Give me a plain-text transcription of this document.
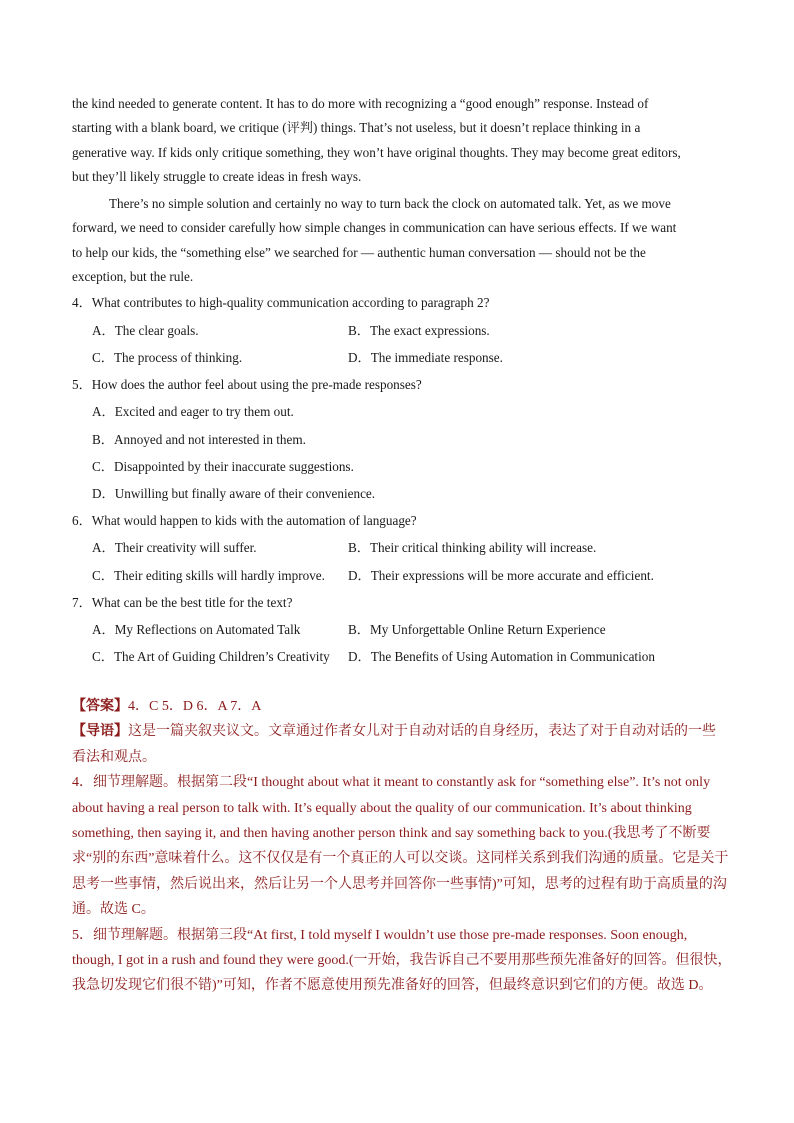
the kind needed to generate content. It has to do more with recognizing a “good enough” response. Instead of
starting with a blank board, we critique (评判) things. That’s not useless, but it doesn’t replace thinking in a
generative way. If kids only critique something, they won’t have original thoughts. They may become great editors,
but they’ll likely struggle to create ideas in fresh ways.
There’s no simple solution and certainly no way to turn back the clock on automated talk. Yet, as we move
forward, we need to consider carefully how simple changes in communication can have serious effects. If we want
to help our kids, the “something else” we searched for — authentic human conversation — should not be the
exception, but the rule.
4．What contributes to high-quality communication according to paragraph 2?
A．The clear goals.	B．The exact expressions.
C．The process of thinking.	D．The immediate response.
5．How does the author feel about using the pre-made responses?
A．Excited and eager to try them out.
B．Annoyed and not interested in them.
C．Disappointed by their inaccurate suggestions.
D．Unwilling but finally aware of their convenience.
6．What would happen to kids with the automation of language?
A．Their creativity will suffer.	B．Their critical thinking ability will increase.
C．Their editing skills will hardly improve. D．Their expressions will be more accurate and efficient.
7．What can be the best title for the text?
A．My Reflections on Automated Talk	B．My Unforgettable Online Return Experience
C．The Art of Guiding Children’s Creativity D．The Benefits of Using Automation in Communication
【答案】4．C 5．D 6．A 7．A
【导语】这是一篇夹叙夹议文。文章通过作者女儿对于自动对话的自身经历，表达了对于自动对话的一些
看法和观点。
4．细节理解题。根据第二段“I thought about what it meant to constantly ask for “something else”. It’s not only
about having a real person to talk with. It’s equally about the quality of our communication. It’s about thinking
something, then saying it, and then having another person think and say something back to you.(我思考了不断要
求“别的东西”意味着什么。这不仅仅是有一个真正的人可以交谈。这同样关系到我们沟通的质量。它是关于
思考一些事情，然后说出来，然后让另一个人思考并回答你一些事情)”可知，思考的过程有助于高质量的沟
通。故选 C。
5．细节理解题。根据第三段“At first, I told myself I wouldn’t use those pre-made responses. Soon enough,
though, I got in a rush and found they were good.(一开始，我告诉自己不要用那些预先准备好的回答。但很快，
我急切发现它们很不错)”可知，作者不愿意使用预先准备好的回答，但最终意识到它们的方便。故选 D。
